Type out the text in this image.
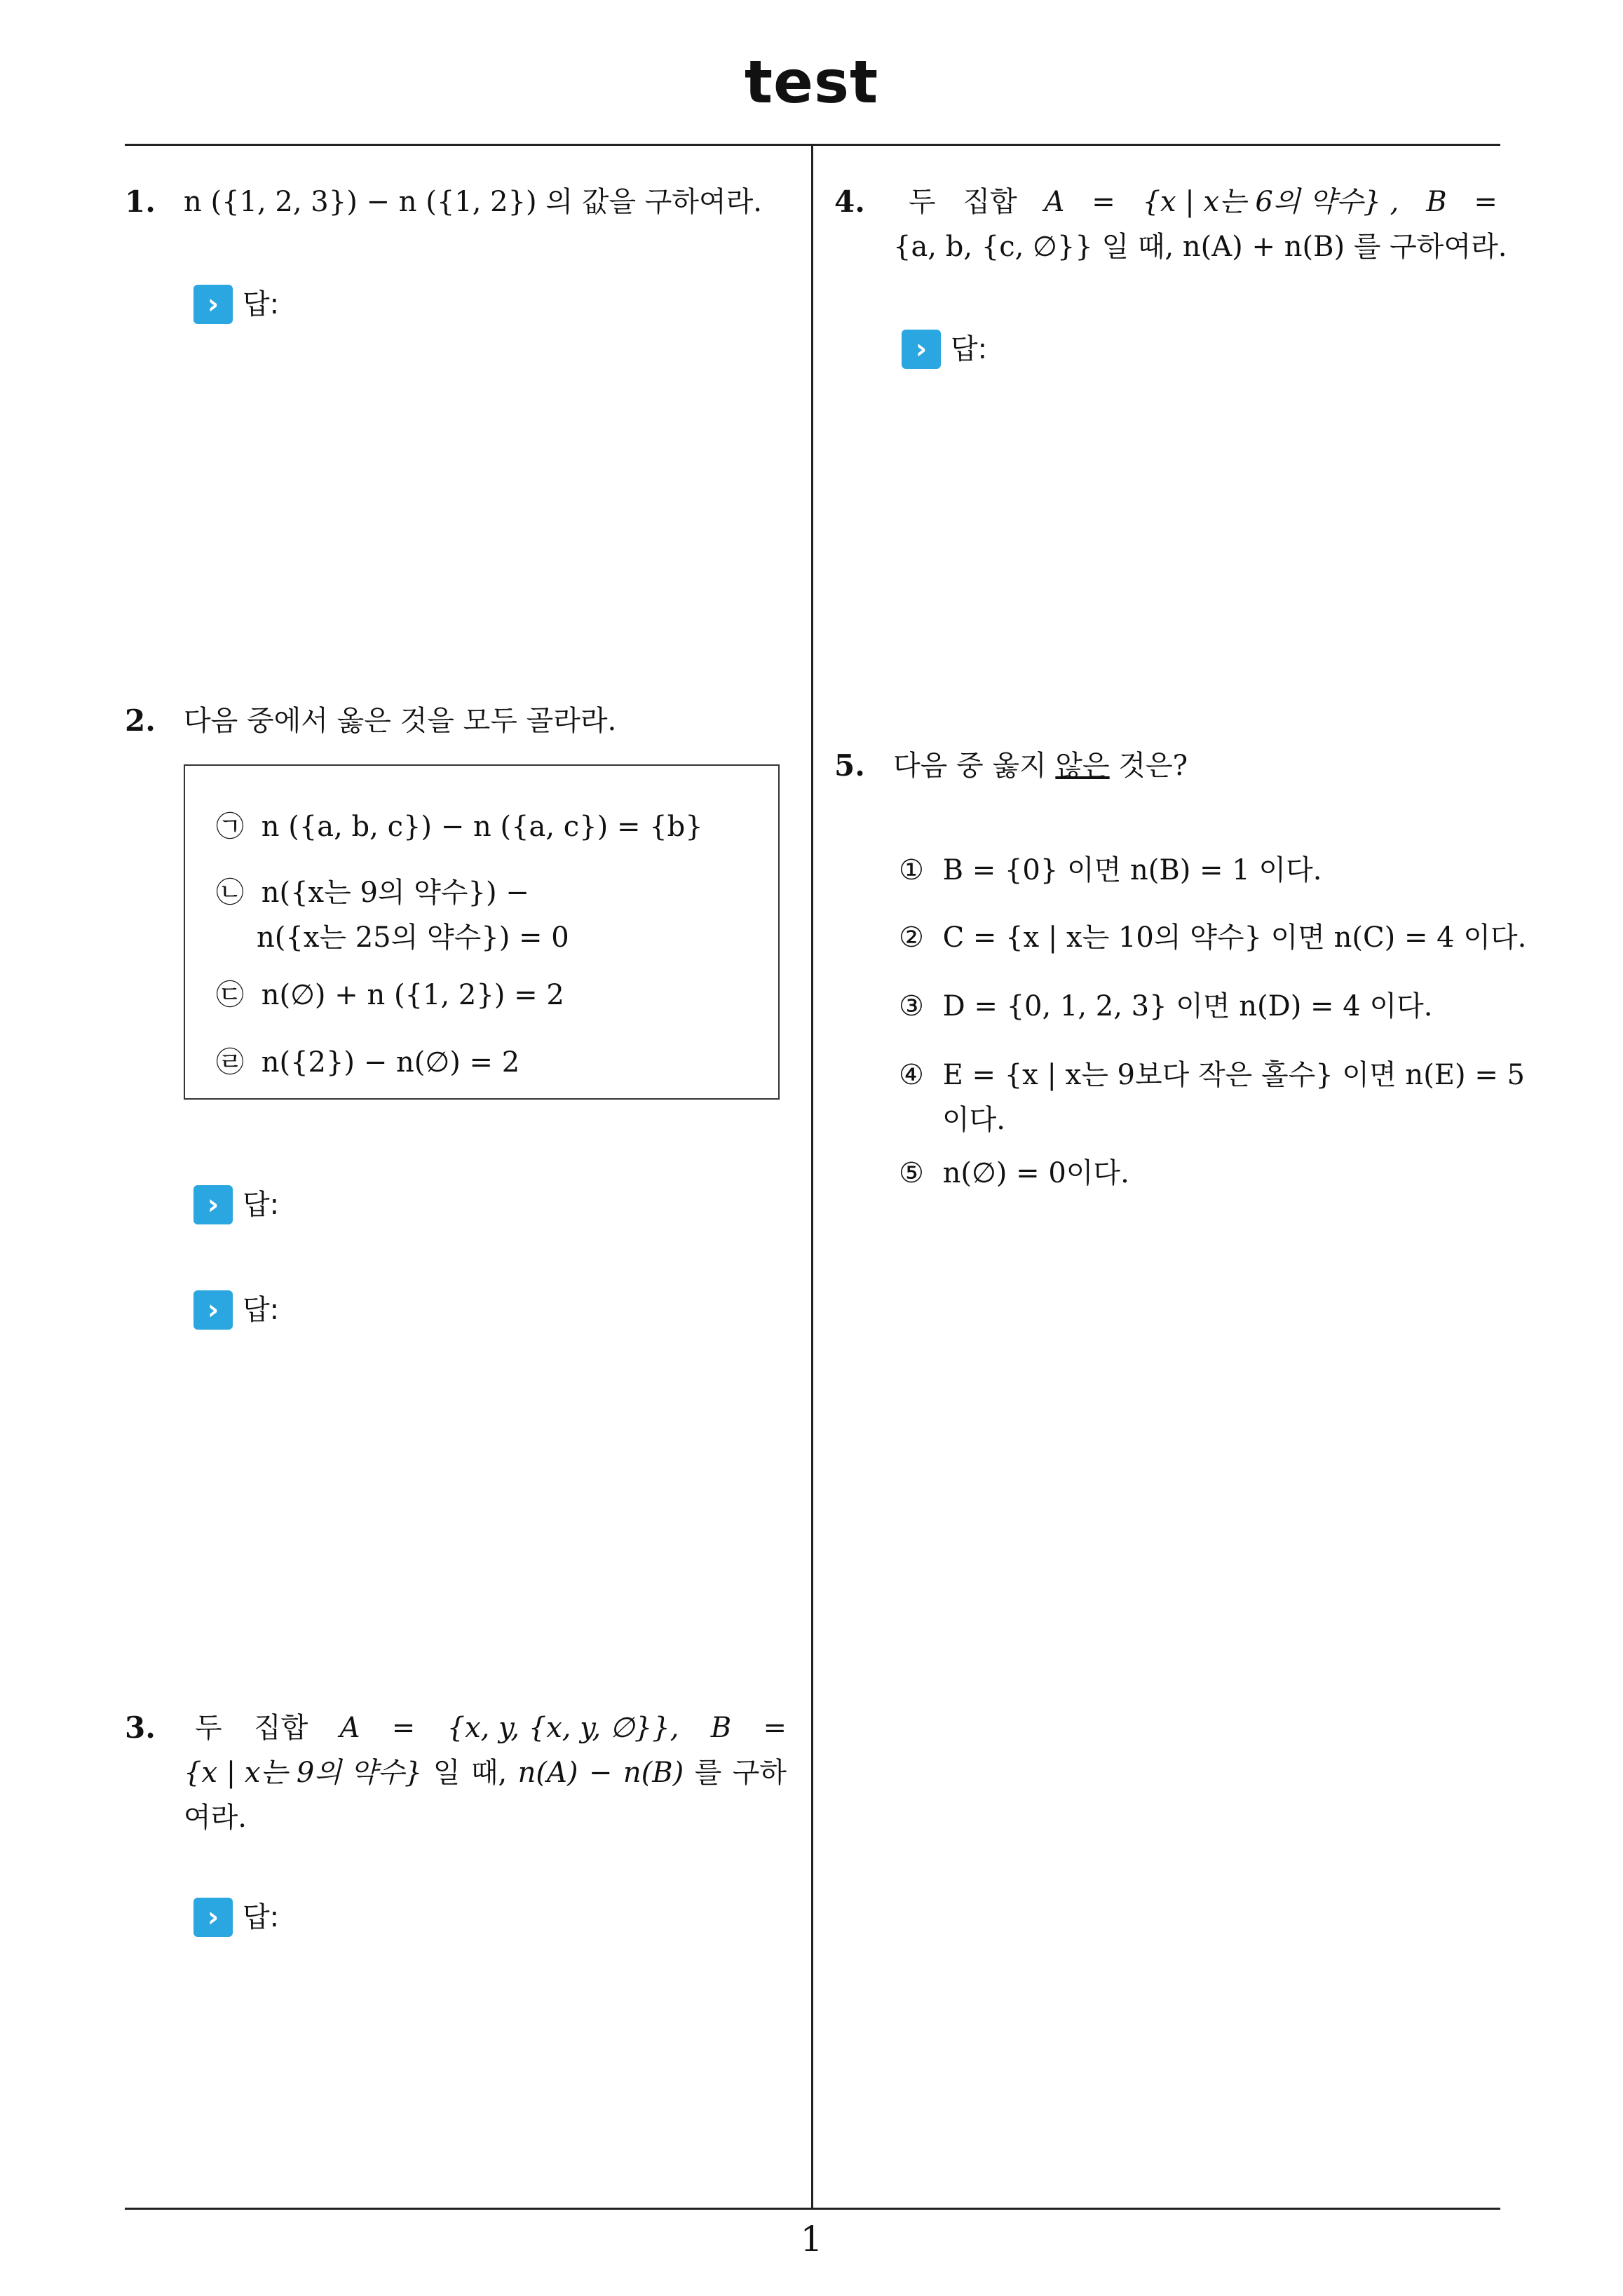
test
1
1. n ({1, 2, 3}) − n ({1, 2}) 의 값을 구하여라.
› 답:
2. 다음 중에서 옳은 것을 모두 골라라.
㉠ n ({a, b, c}) − n ({a, c}) = {b}
㉡ n({x는 9의 약수}) −
n({x는 25의 약수}) = 0
㉢ n(∅) + n ({1, 2}) = 2
㉣ n({2}) − n(∅) = 2
› 답:
› 답:
3. 두 집합 A = {x, y, {x, y, ∅}}, B =
{x | x는 9의 약수} 일 때, n(A) − n(B) 를 구하
여라.
› 답:
4. 두 집합 A = {x | x는 6의 약수} , B =
{a, b, {c, ∅}} 일 때, n(A) + n(B) 를 구하여라.
› 답:
5. 다음 중 옳지 않은 것은?
① B = {0} 이면 n(B) = 1 이다.
② C = {x | x는 10의 약수} 이면 n(C) = 4 이다.
③ D = {0, 1, 2, 3} 이면 n(D) = 4 이다.
④ E = {x | x는 9보다 작은 홀수} 이면 n(E) = 5
이다.
⑤ n(∅) = 0이다.
